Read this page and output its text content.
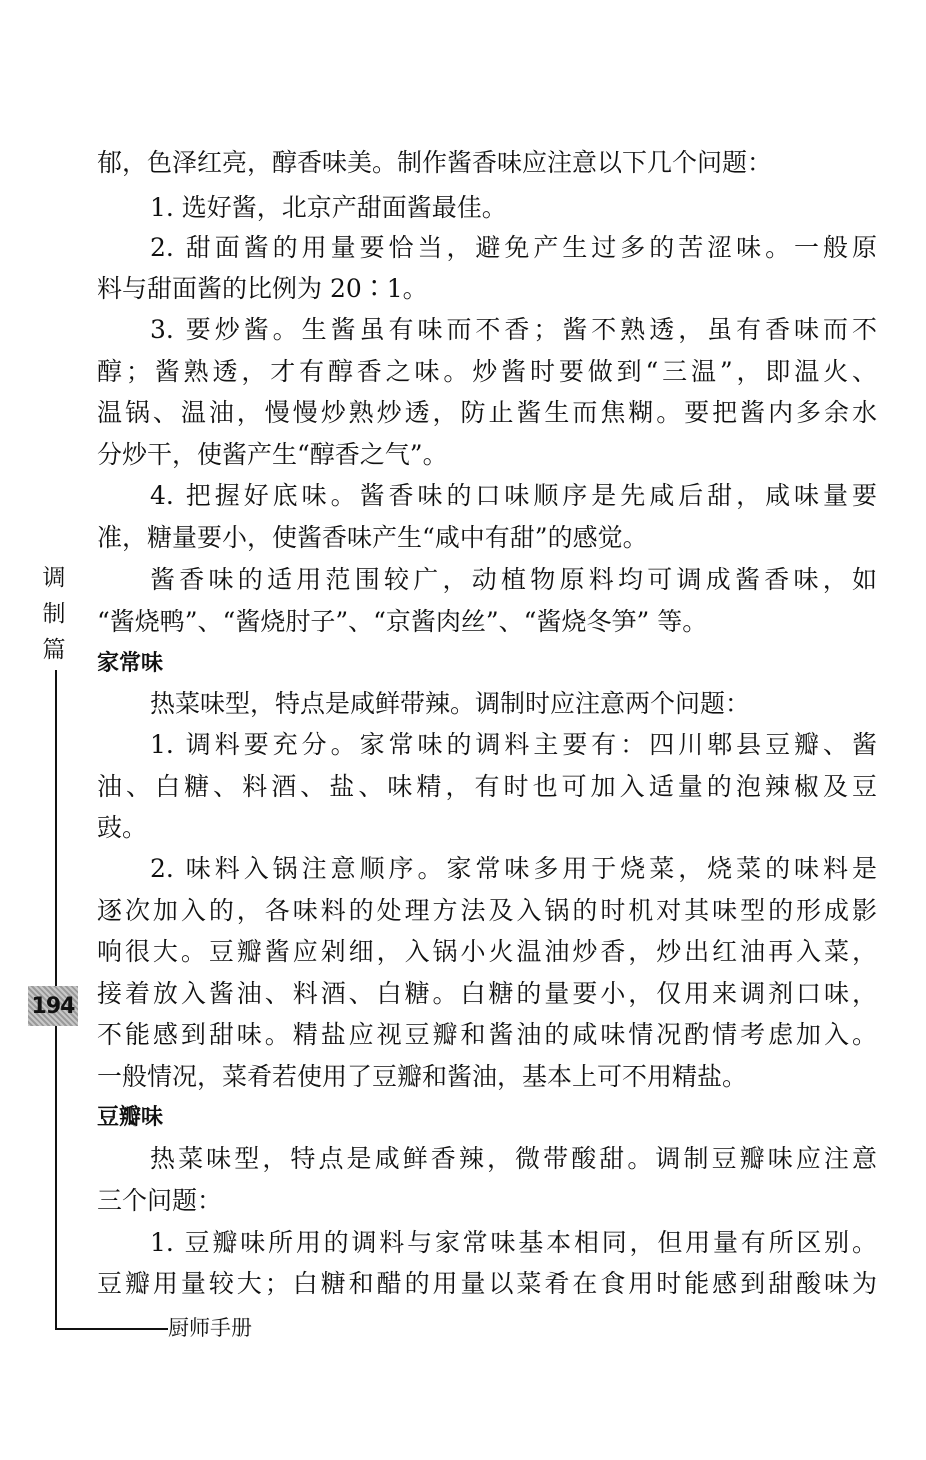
调
制
篇
194
厨师手册
郁，色泽红亮，醇香味美。制作酱香味应注意以下几个问题：
1. 选好酱，北京产甜面酱最佳。
2. 甜面酱的用量要恰当，避免产生过多的苦涩味。一般原
料与甜面酱的比例为 20∶1。
3. 要炒酱。生酱虽有味而不香；酱不熟透，虽有香味而不
醇；酱熟透，才有醇香之味。炒酱时要做到“三温”，即温火、
温锅、温油，慢慢炒熟炒透，防止酱生而焦糊。要把酱内多余水
分炒干，使酱产生“醇香之气”。
4. 把握好底味。酱香味的口味顺序是先咸后甜，咸味量要
准，糖量要小，使酱香味产生“咸中有甜”的感觉。
酱香味的适用范围较广，动植物原料均可调成酱香味，如
“酱烧鸭”、“酱烧肘子”、“京酱肉丝”、“酱烧冬笋” 等。
家常味
热菜味型，特点是咸鲜带辣。调制时应注意两个问题：
1. 调料要充分。家常味的调料主要有：四川郫县豆瓣、酱
油、白糖、料酒、盐、味精，有时也可加入适量的泡辣椒及豆
豉。
2. 味料入锅注意顺序。家常味多用于烧菜，烧菜的味料是
逐次加入的，各味料的处理方法及入锅的时机对其味型的形成影
响很大。豆瓣酱应剁细，入锅小火温油炒香，炒出红油再入菜，
接着放入酱油、料酒、白糖。白糖的量要小，仅用来调剂口味，
不能感到甜味。精盐应视豆瓣和酱油的咸味情况酌情考虑加入。
一般情况，菜肴若使用了豆瓣和酱油，基本上可不用精盐。
豆瓣味
热菜味型，特点是咸鲜香辣，微带酸甜。调制豆瓣味应注意
三个问题：
1. 豆瓣味所用的调料与家常味基本相同，但用量有所区别。
豆瓣用量较大；白糖和醋的用量以菜肴在食用时能感到甜酸味为
